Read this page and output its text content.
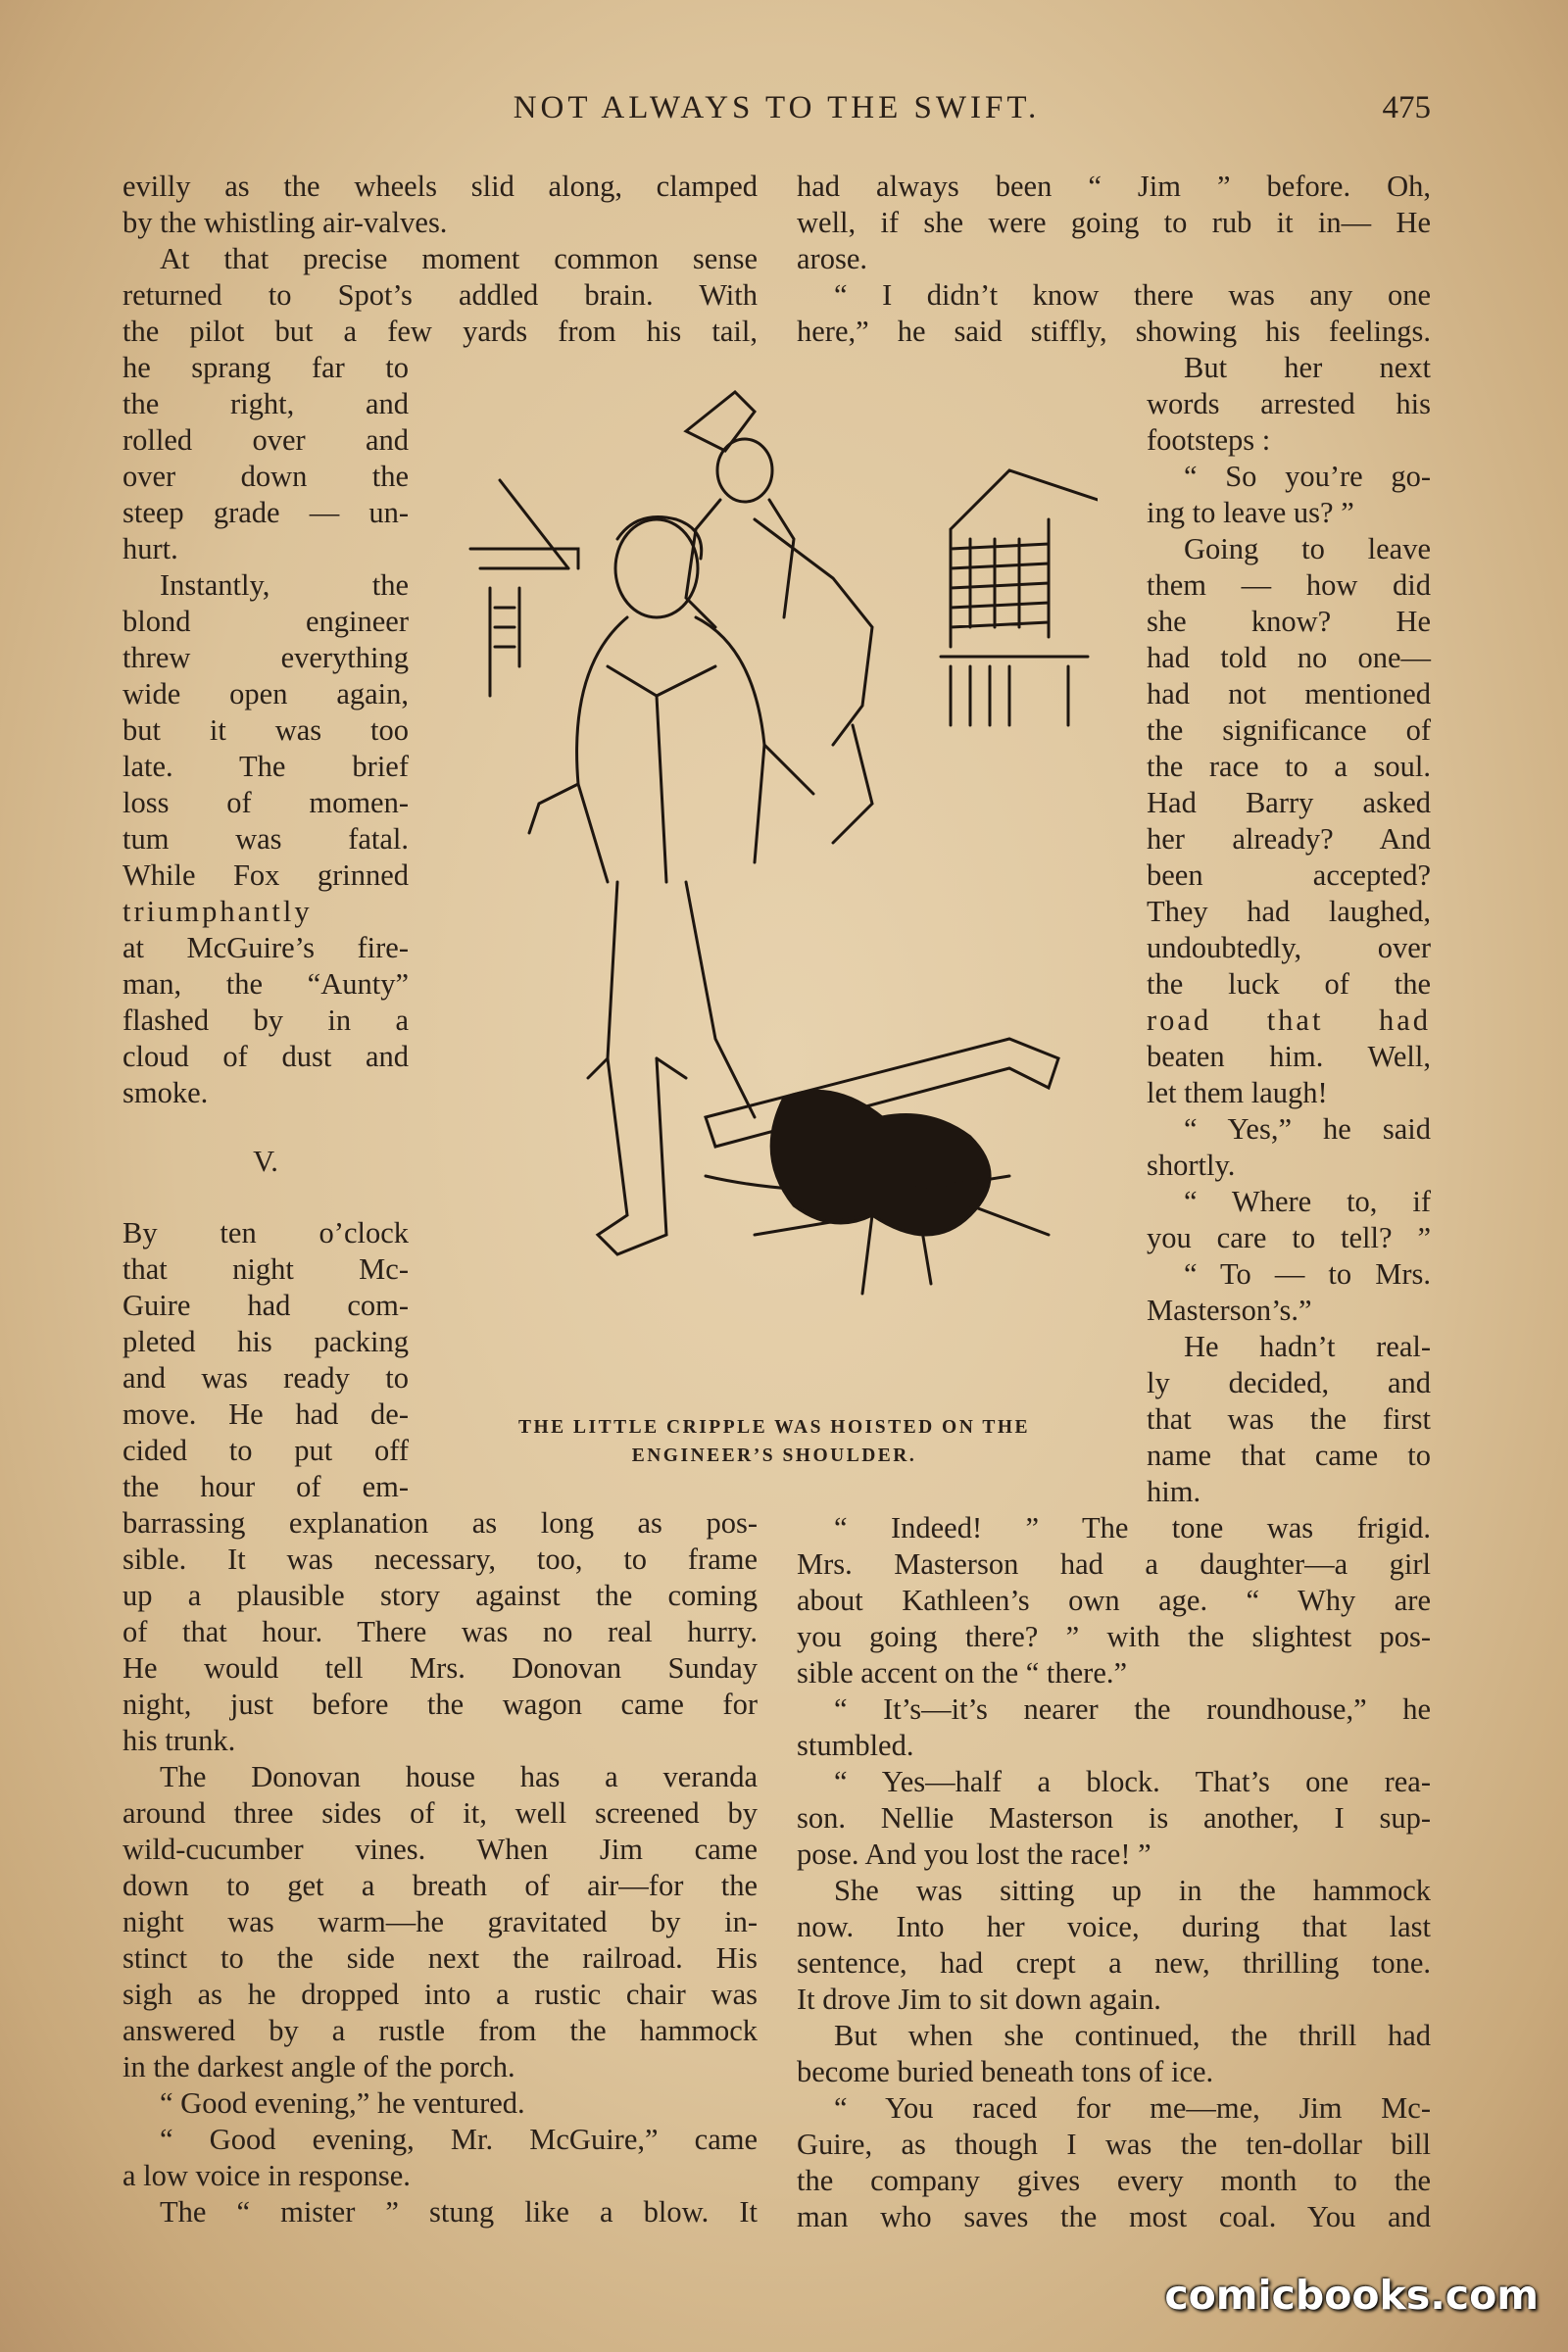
NOT ALWAYS TO THE SWIFT.	475

evilly as the wheels slid along, clamped

by the whistling air-valves.

At that precise moment common sense

returned to Spot’s addled brain. With

the pilot but a few yards from his tail,

he sprang far to

the right, and

rolled over and

over down the

steep grade — un-

hurt.

Instantly, the

blond engineer

threw everything

wide open again,

but it was too

late. The brief

loss of momen-

tum was fatal.

While Fox grinned

triumphantly

at McGuire’s fire-

man, the “Aunty”

flashed by in a

cloud of dust and

smoke.

V.

By ten o’clock

that night Mc-

Guire had com-

pleted his packing

and was ready to

move. He had de-

cided to put off

the hour of em-

barrassing explanation as long as pos-

sible. It was necessary, too, to frame

up a plausible story against the coming

of that hour. There was no real hurry.

He would tell Mrs. Donovan Sunday

night, just before the wagon came for

his trunk.

The Donovan house has a veranda

around three sides of it, well screened by

wild-cucumber vines. When Jim came

down to get a breath of air—for the

night was warm—he gravitated by in-

stinct to the side next the railroad. His

sigh as he dropped into a rustic chair was

answered by a rustle from the hammock

in the darkest angle of the porch.

“ Good evening,” he ventured.

“ Good evening, Mr. McGuire,” came

a low voice in response.

The “ mister ” stung like a blow. It

had always been “ Jim ” before. Oh,

well, if she were going to rub it in— He

arose.

“ I didn’t know there was any one

here,” he said stiffly, showing his feelings.

But her next

words arrested his

footsteps :

“ So you’re go-

ing to leave us? ”

Going to leave

them — how did

she know? He

had told no one—

had not mentioned

the significance of

the race to a soul.

Had Barry asked

her already? And

been accepted?

They had laughed,

undoubtedly, over

the luck of the

road that had

beaten him. Well,

let them laugh!

“ Yes,” he said

shortly.

“ Where to, if

you care to tell? ”

“ To — to Mrs.

Masterson’s.”

He hadn’t real-

ly decided, and

that was the first

name that came to

him.

“ Indeed! ” The tone was frigid.

Mrs. Masterson had a daughter—a girl

about Kathleen’s own age. “ Why are

you going there? ” with the slightest pos-

sible accent on the “ there.”

“ It’s—it’s nearer the roundhouse,” he

stumbled.

“ Yes—half a block. That’s one rea-

son. Nellie Masterson is another, I sup-

pose. And you lost the race! ”

She was sitting up in the hammock

now. Into her voice, during that last

sentence, had crept a new, thrilling tone.

It drove Jim to sit down again.

But when she continued, the thrill had

become buried beneath tons of ice.

“ You raced for me—me, Jim Mc-

Guire, as though I was the ten-dollar bill

the company gives every month to the

man who saves the most coal. You and

THE LITTLE CRIPPLE WAS HOISTED ON THE
ENGINEER’S SHOULDER.
comicbooks.com
